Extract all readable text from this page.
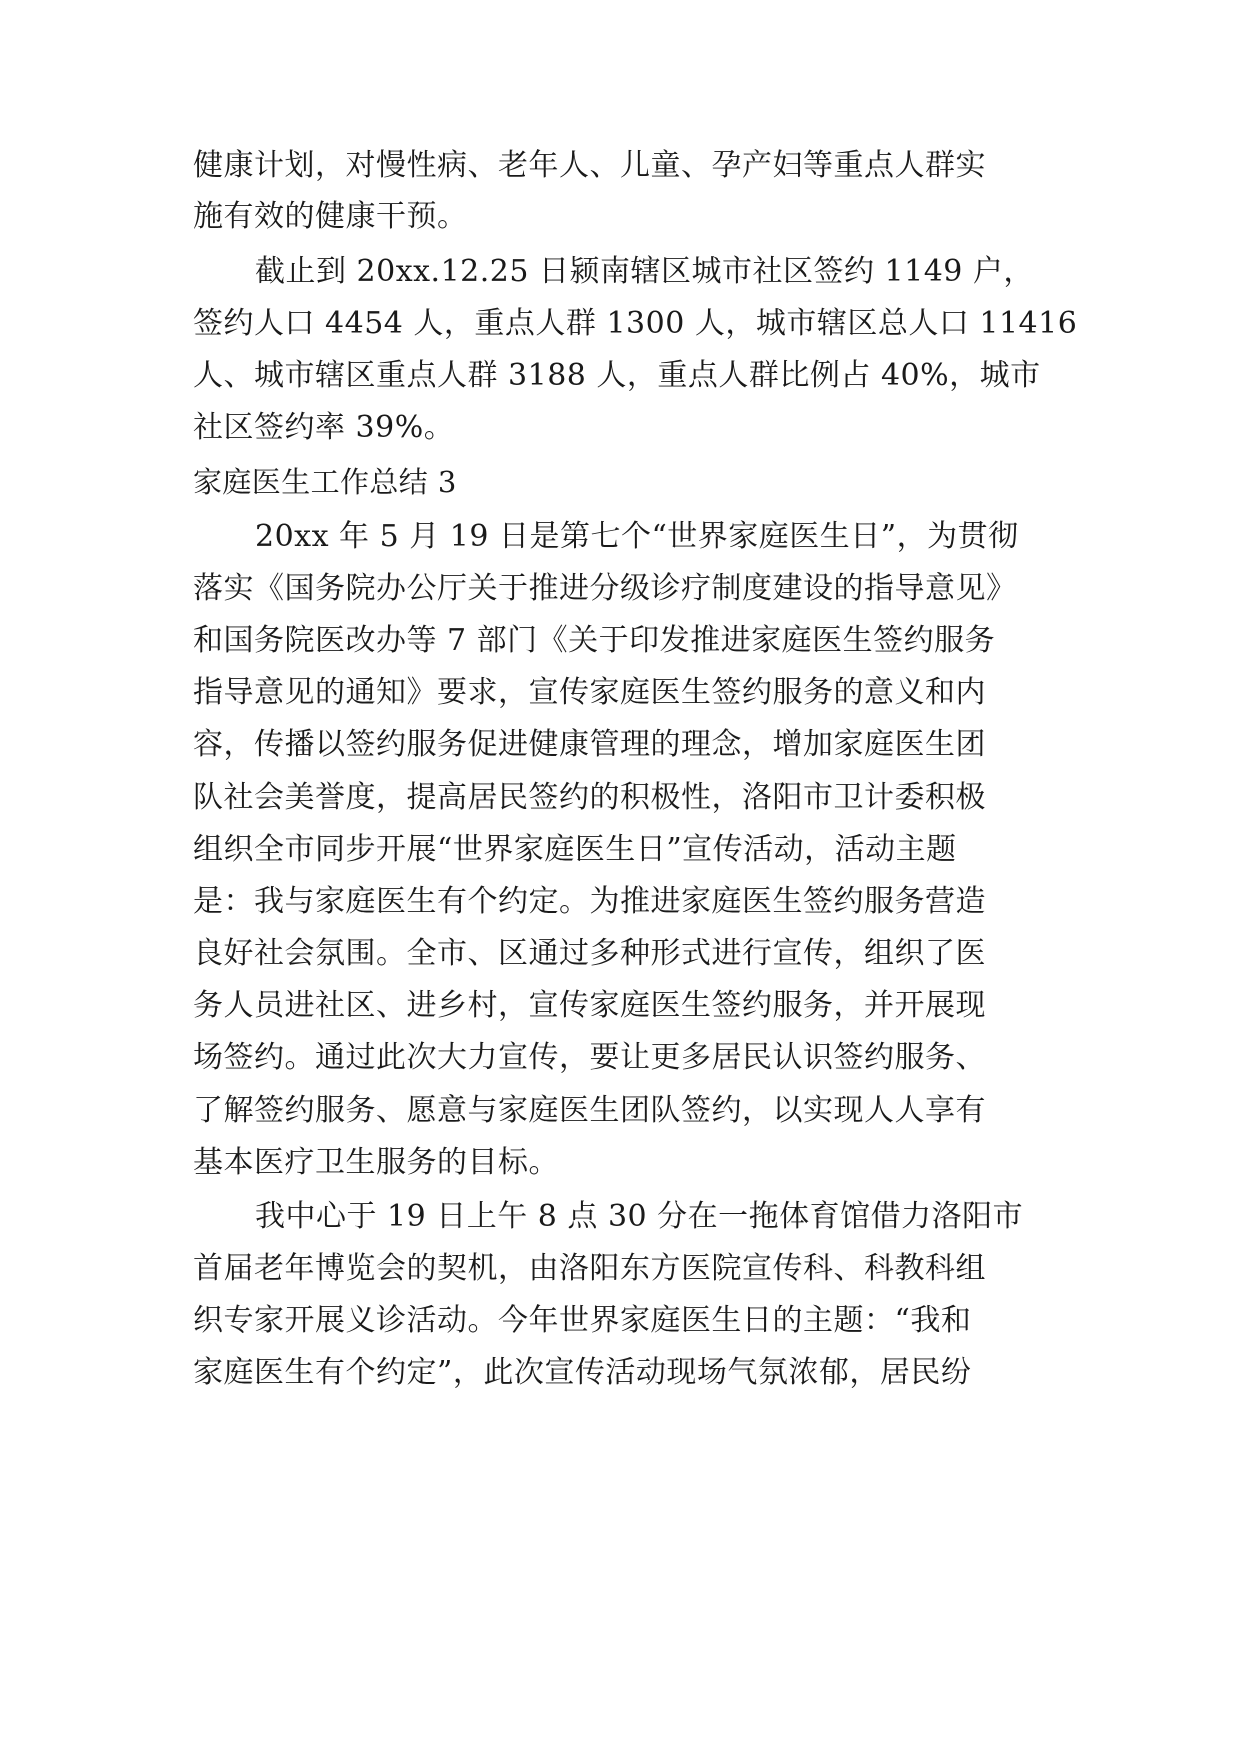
健康计划，对慢性病、老年人、儿童、孕产妇等重点人群实
施有效的健康干预。
截止到 20xx.12.25 日颍南辖区城市社区签约 1149 户，
签约人口 4454 人，重点人群 1300 人，城市辖区总人口 11416
人、城市辖区重点人群 3188 人，重点人群比例占 40%，城市
社区签约率 39%。
家庭医生工作总结 3
20xx 年 5 月 19 日是第七个“世界家庭医生日”，为贯彻
落实《国务院办公厅关于推进分级诊疗制度建设的指导意见》
和国务院医改办等 7 部门《关于印发推进家庭医生签约服务
指导意见的通知》要求，宣传家庭医生签约服务的意义和内
容，传播以签约服务促进健康管理的理念，增加家庭医生团
队社会美誉度，提高居民签约的积极性，洛阳市卫计委积极
组织全市同步开展“世界家庭医生日”宣传活动，活动主题
是：我与家庭医生有个约定。为推进家庭医生签约服务营造
良好社会氛围。全市、区通过多种形式进行宣传，组织了医
务人员进社区、进乡村，宣传家庭医生签约服务，并开展现
场签约。通过此次大力宣传，要让更多居民认识签约服务、
了解签约服务、愿意与家庭医生团队签约，以实现人人享有
基本医疗卫生服务的目标。
我中心于 19 日上午 8 点 30 分在一拖体育馆借力洛阳市
首届老年博览会的契机，由洛阳东方医院宣传科、科教科组
织专家开展义诊活动。今年世界家庭医生日的主题：“我和
家庭医生有个约定”，此次宣传活动现场气氛浓郁，居民纷
